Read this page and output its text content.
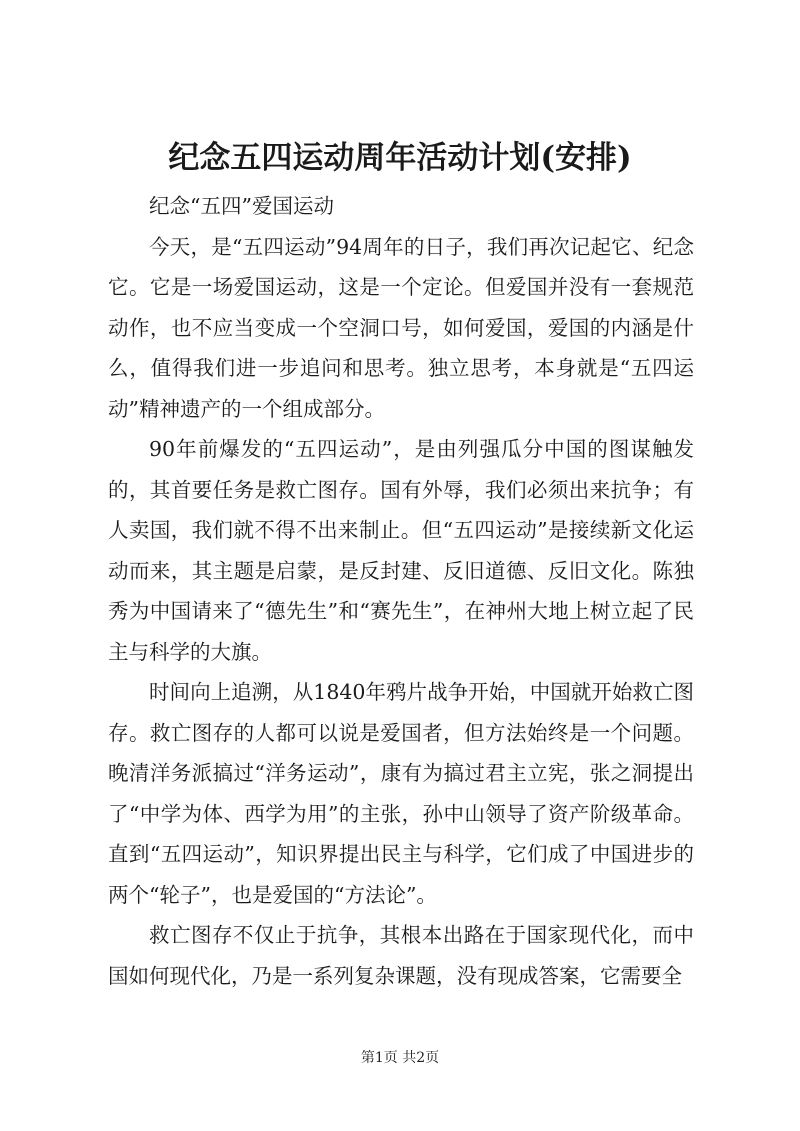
纪念五四运动周年活动计划(安排)

纪念“五四”爱国运动

今天，是“五四运动”94周年的日子，我们再次记起它、纪念它。它是一场爱国运动，这是一个定论。但爱国并没有一套规范动作，也不应当变成一个空洞口号，如何爱国，爱国的内涵是什么，值得我们进一步追问和思考。独立思考，本身就是“五四运动”精神遗产的一个组成部分。

90年前爆发的“五四运动”，是由列强瓜分中国的图谋触发的，其首要任务是救亡图存。国有外辱，我们必须出来抗争；有人卖国，我们就不得不出来制止。但“五四运动”是接续新文化运动而来，其主题是启蒙，是反封建、反旧道德、反旧文化。陈独秀为中国请来了“德先生”和“赛先生”，在神州大地上树立起了民主与科学的大旗。

时间向上追溯，从1840年鸦片战争开始，中国就开始救亡图存。救亡图存的人都可以说是爱国者，但方法始终是一个问题。晚清洋务派搞过“洋务运动”，康有为搞过君主立宪，张之洞提出了“中学为体、西学为用”的主张，孙中山领导了资产阶级革命。直到“五四运动”，知识界提出民主与科学，它们成了中国进步的两个“轮子”，也是爱国的“方法论”。

救亡图存不仅止于抗争，其根本出路在于国家现代化，而中国如何现代化，乃是一系列复杂课题，没有现成答案，它需要全

第1页 共2页
